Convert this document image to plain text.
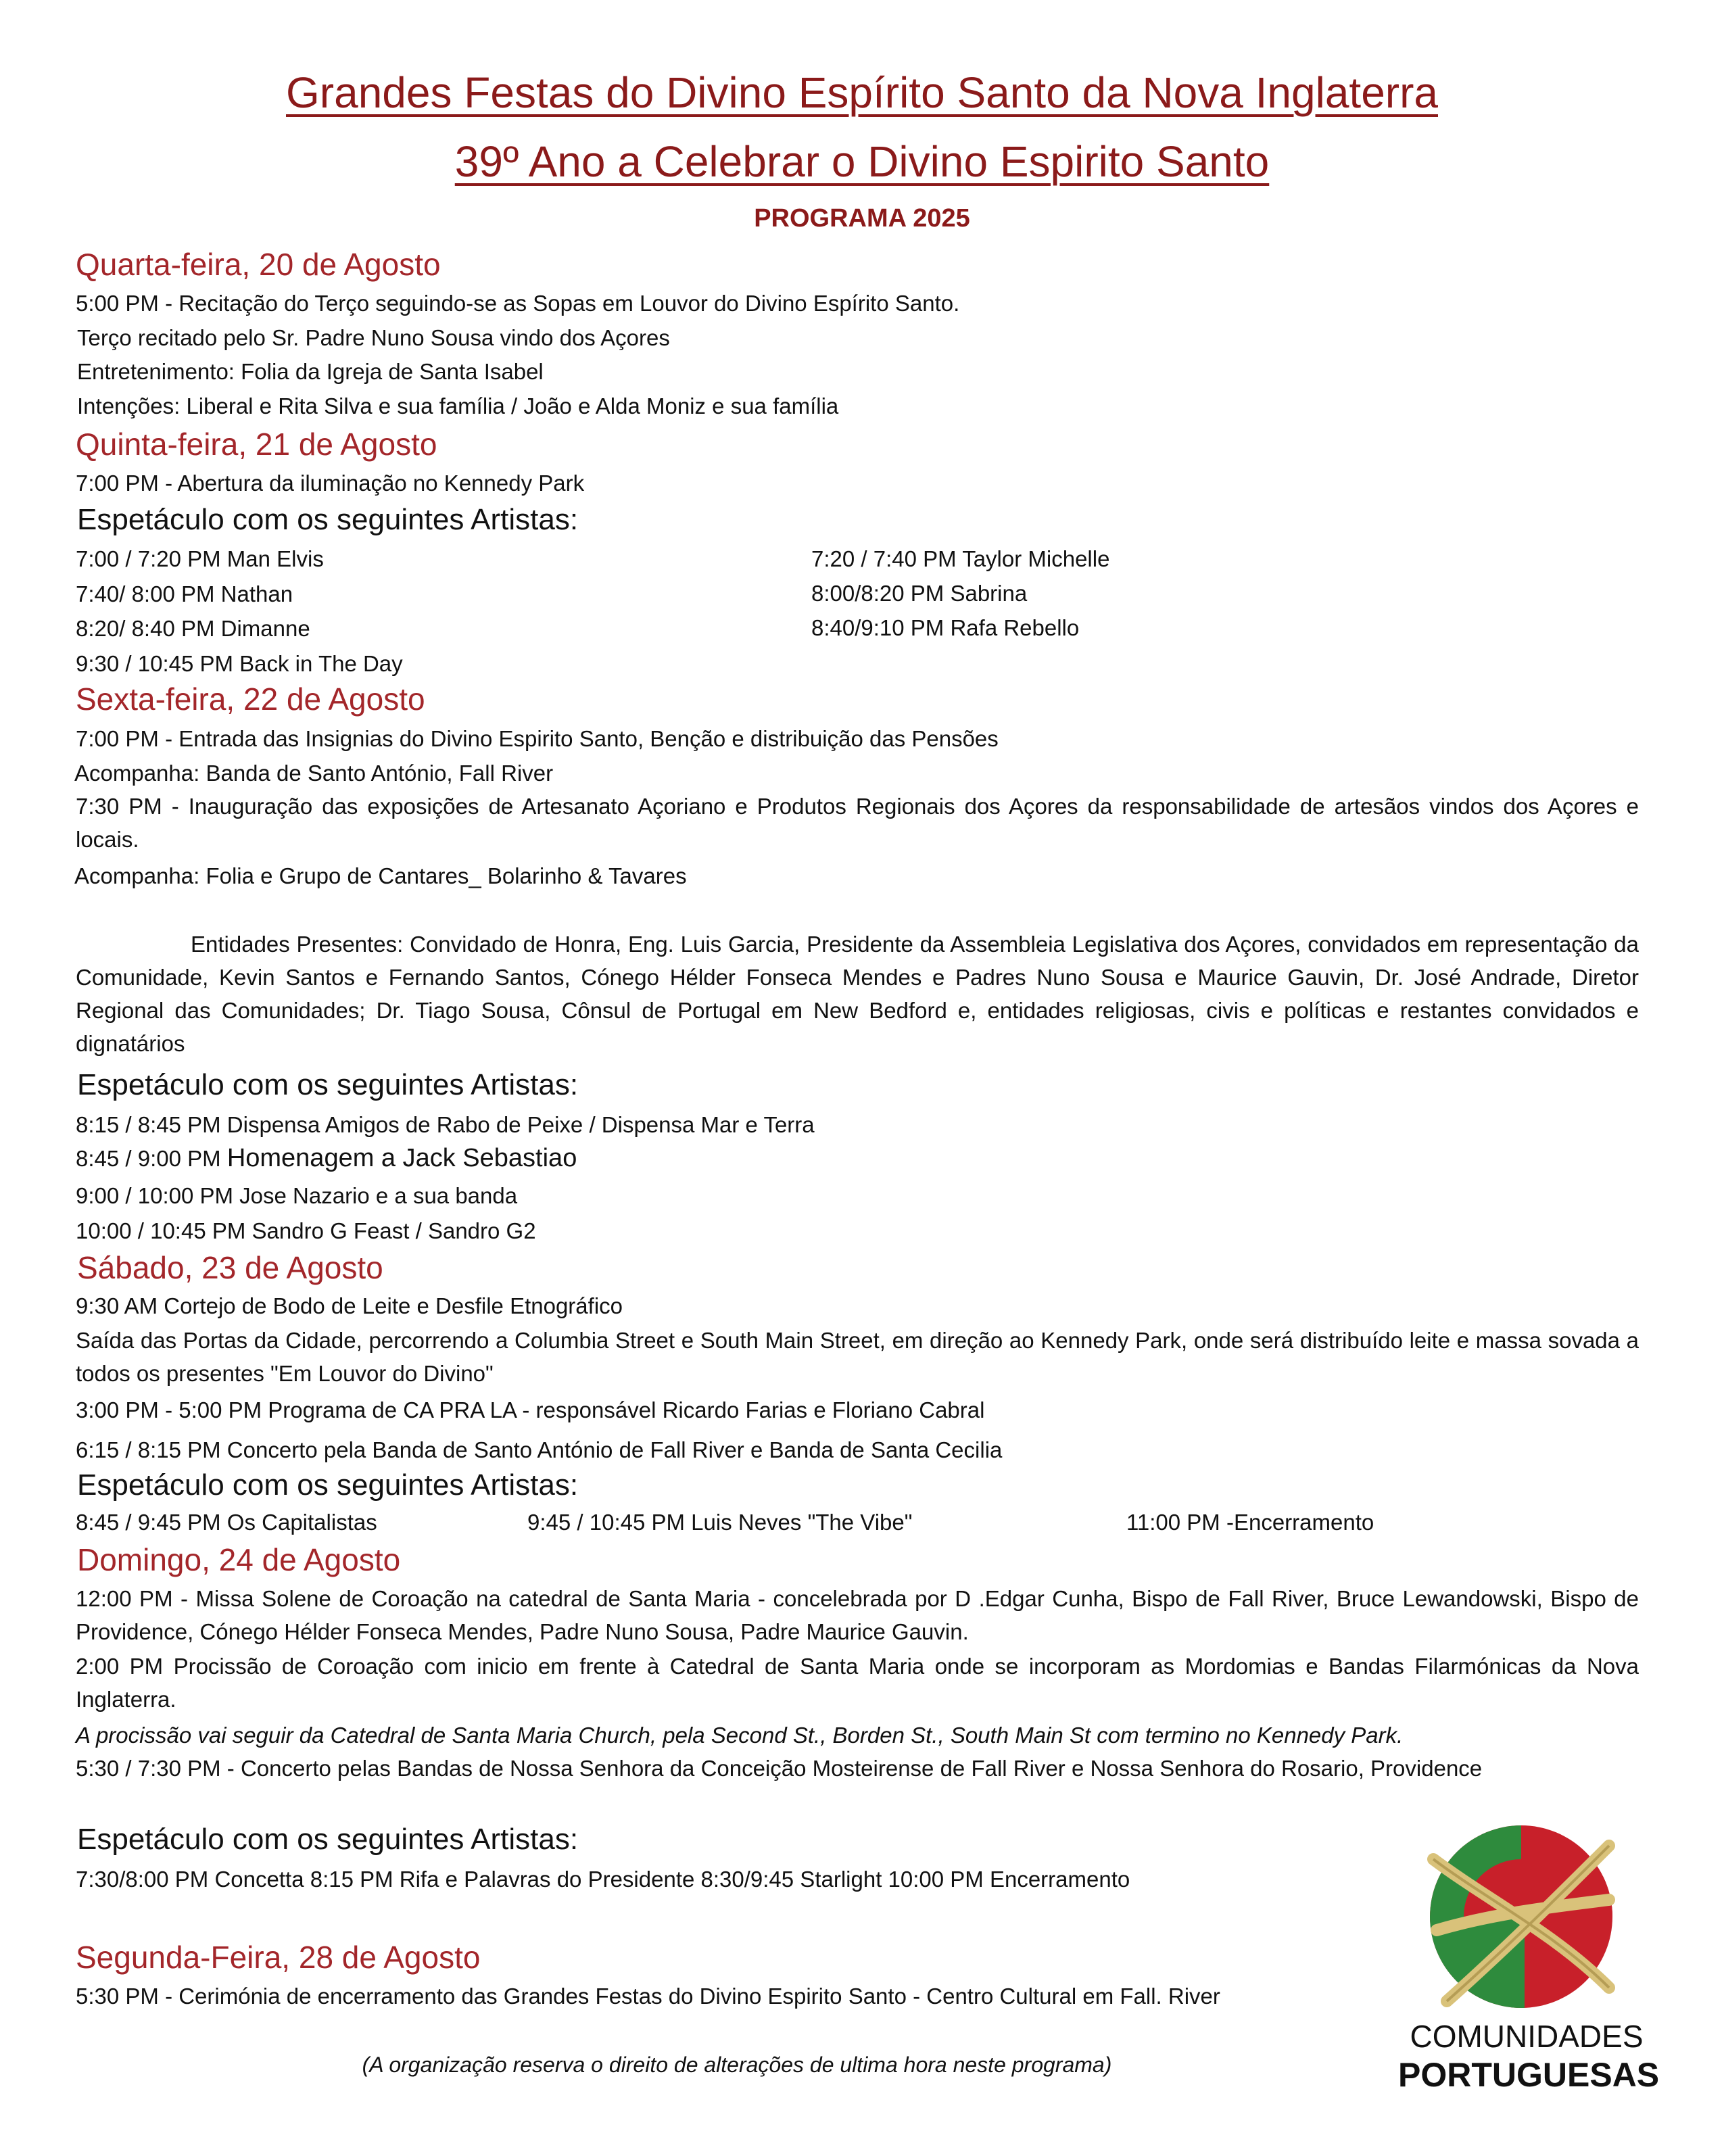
Grandes Festas do Divino Espírito Santo da Nova Inglaterra
39º Ano a Celebrar o Divino Espirito Santo
PROGRAMA 2025
Quarta-feira, 20 de Agosto
5:00 PM - Recitação do Terço seguindo-se as Sopas em Louvor do Divino Espírito Santo.
Terço recitado pelo Sr. Padre Nuno Sousa vindo dos Açores
Entretenimento: Folia da Igreja de Santa Isabel
Intenções: Liberal e Rita Silva e sua família / João e Alda Moniz e sua família
Quinta-feira, 21 de Agosto
7:00 PM - Abertura da iluminação no Kennedy Park
Espetáculo com os seguintes Artistas:
7:00 / 7:20 PM Man Elvis
7:40/ 8:00 PM Nathan
8:20/ 8:40 PM Dimanne
9:30 / 10:45 PM Back in The Day
7:20 / 7:40 PM Taylor Michelle
8:00/8:20 PM Sabrina
8:40/9:10 PM Rafa Rebello
Sexta-feira, 22 de Agosto
7:00 PM - Entrada das Insignias do Divino Espirito Santo, Benção e distribuição das Pensões
Acompanha: Banda de Santo António, Fall River
7:30 PM - Inauguração das exposições de Artesanato Açoriano e Produtos Regionais dos Açores da responsabilidade de artesãos vindos dos Açores e locais.
Acompanha: Folia e Grupo de Cantares_ Bolarinho & Tavares
Entidades Presentes: Convidado de Honra, Eng. Luis Garcia, Presidente da Assembleia Legislativa dos Açores, convidados em representação da Comunidade, Kevin Santos e Fernando Santos, Cónego Hélder Fonseca Mendes e Padres Nuno Sousa e Maurice Gauvin, Dr. José Andrade, Diretor Regional das Comunidades; Dr. Tiago Sousa, Cônsul de Portugal em New Bedford e, entidades religiosas, civis e políticas e restantes convidados e dignatários
Espetáculo com os seguintes Artistas:
8:15 / 8:45 PM Dispensa Amigos de Rabo de Peixe / Dispensa Mar e Terra
8:45 / 9:00 PM Homenagem a Jack Sebastiao
9:00 / 10:00 PM Jose Nazario e a sua banda
10:00 / 10:45 PM Sandro G Feast / Sandro G2
Sábado, 23 de Agosto
9:30 AM Cortejo de Bodo de Leite e Desfile Etnográfico
Saída das Portas da Cidade, percorrendo a Columbia Street e South Main Street, em direção ao Kennedy Park, onde será distribuído leite e massa sovada a todos os presentes "Em Louvor do Divino"
3:00 PM - 5:00 PM Programa de CA PRA LA - responsável Ricardo Farias e Floriano Cabral
6:15 / 8:15 PM Concerto pela Banda de Santo António de Fall River e Banda de Santa Cecilia
Espetáculo com os seguintes Artistas:
8:45 / 9:45 PM Os Capitalistas	9:45 / 10:45 PM Luis Neves "The Vibe"	11:00 PM -Encerramento
Domingo, 24 de Agosto
12:00 PM - Missa Solene de Coroação na catedral de Santa Maria - concelebrada por D .Edgar Cunha, Bispo de Fall River, Bruce Lewandowski, Bispo de Providence, Cónego Hélder Fonseca Mendes, Padre Nuno Sousa, Padre Maurice Gauvin.
2:00 PM Procissão de Coroação com inicio em frente à Catedral de Santa Maria onde se incorporam as Mordomias e Bandas Filarmónicas da Nova Inglaterra.
A procissão vai seguir da Catedral de Santa Maria Church, pela Second St., Borden St., South Main St com termino no Kennedy Park.
5:30 / 7:30 PM - Concerto pelas Bandas de Nossa Senhora da Conceição Mosteirense de Fall River e Nossa Senhora do Rosario, Providence
Espetáculo com os seguintes Artistas:
7:30/8:00 PM Concetta 8:15 PM Rifa e Palavras do Presidente 8:30/9:45 Starlight 10:00 PM Encerramento
Segunda-Feira, 28 de Agosto
5:30 PM - Cerimónia de encerramento das Grandes Festas do Divino Espirito Santo - Centro Cultural em Fall. River
(A organização reserva o direito de alterações de ultima hora neste programa)
COMUNIDADES
PORTUGUESAS
